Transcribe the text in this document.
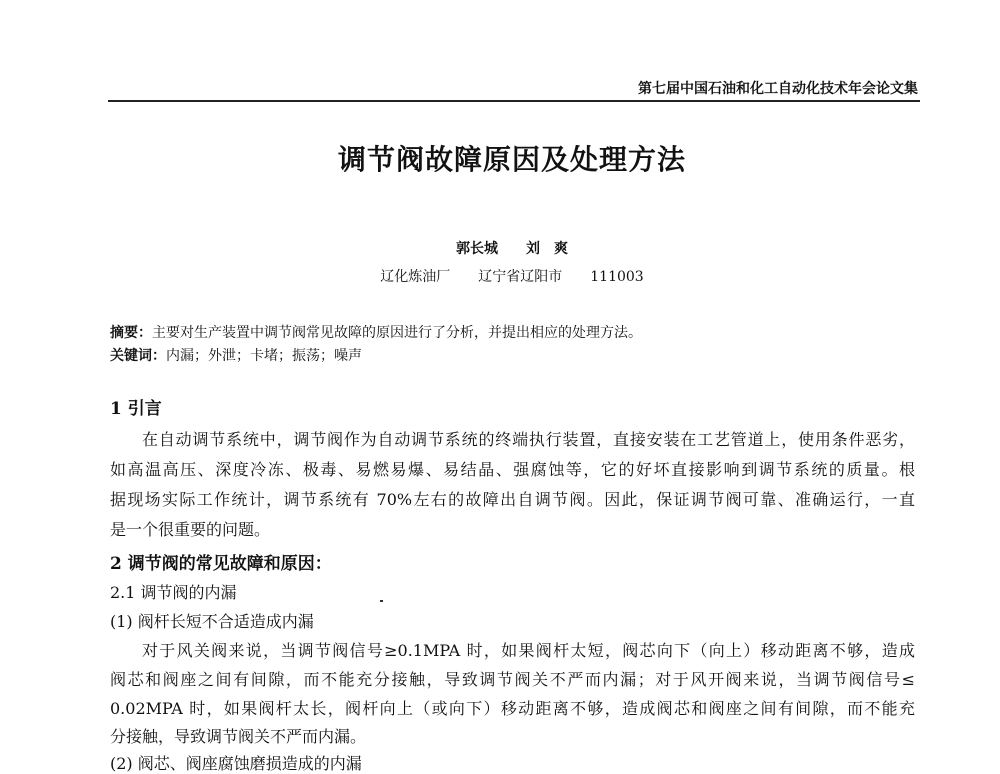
第七届中国石油和化工自动化技术年会论文集
调节阀故障原因及处理方法
郭长城　　刘　爽
辽化炼油厂　　辽宁省辽阳市　　111003
摘要：主要对生产装置中调节阀常见故障的原因进行了分析，并提出相应的处理方法。
关键词：内漏；外泄；卡堵；振荡；噪声
1 引言
在自动调节系统中，调节阀作为自动调节系统的终端执行装置，直接安装在工艺管道上，使用条件恶劣，
如高温高压、深度冷冻、极毒、易燃易爆、易结晶、强腐蚀等，它的好坏直接影响到调节系统的质量。根
据现场实际工作统计，调节系统有 70%左右的故障出自调节阀。因此，保证调节阀可靠、准确运行，一直
是一个很重要的问题。
2 调节阀的常见故障和原因：
2.1 调节阀的内漏
(1) 阀杆长短不合适造成内漏
对于风关阀来说，当调节阀信号≥0.1MPA 时，如果阀杆太短，阀芯向下（向上）移动距离不够，造成
阀芯和阀座之间有间隙，而不能充分接触，导致调节阀关不严而内漏；对于风开阀来说，当调节阀信号≤
0.02MPA 时，如果阀杆太长，阀杆向上（或向下）移动距离不够，造成阀芯和阀座之间有间隙，而不能充
分接触，导致调节阀关不严而内漏。
(2) 阀芯、阀座腐蚀磨损造成的内漏
